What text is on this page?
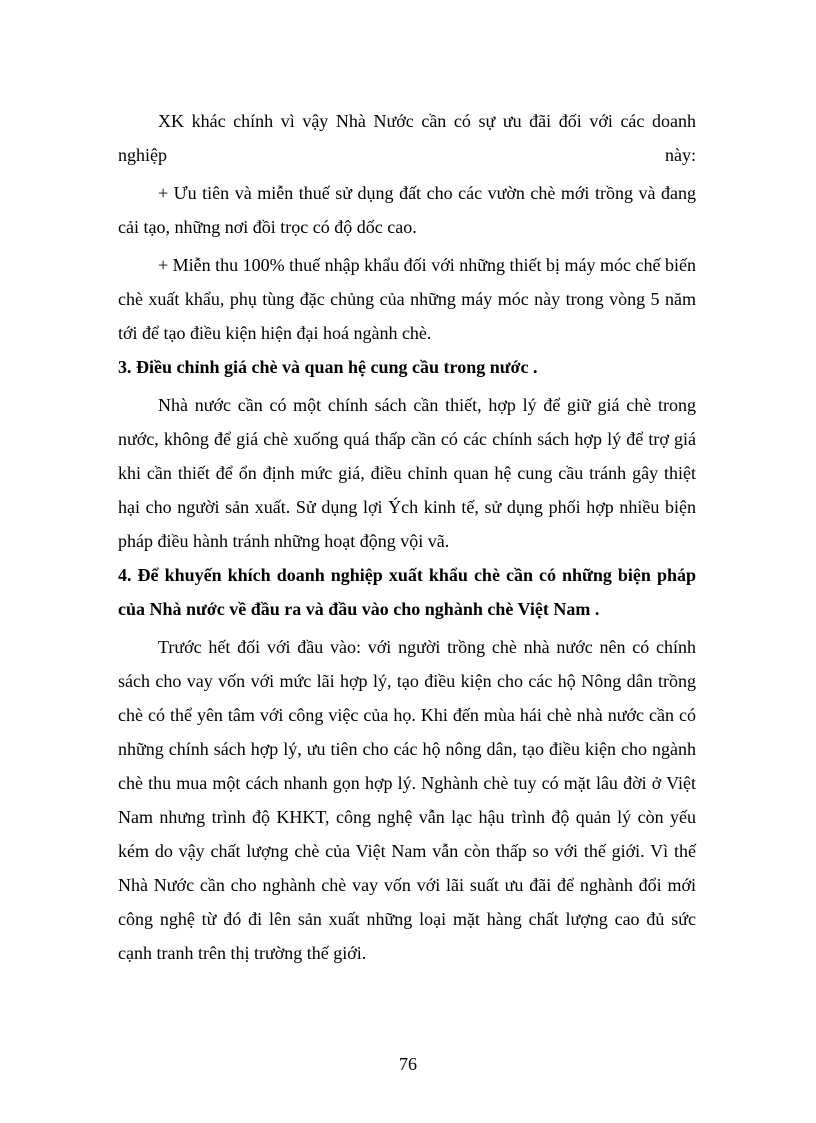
XK khác chính vì vậy Nhà Nước cần có sự ưu đãi đối với các doanh nghiệp này:

+ Ưu tiên và miễn thuế sử dụng đất cho các vườn chè mới trồng và đang cải tạo, những nơi đồi trọc có độ dốc cao.

+ Miễn thu 100% thuế nhập khẩu đối với những thiết bị máy móc chế biến chè xuất khẩu, phụ tùng đặc chủng của những máy móc này trong vòng 5 năm tới để tạo điều kiện hiện đại hoá ngành chè.

3. Điều chỉnh giá chè và quan hệ cung cầu trong nước .

Nhà nước cần có một chính sách cần thiết, hợp lý để giữ giá chè trong nước, không để giá chè xuống quá thấp cần có các chính sách hợp lý để trợ giá khi cần thiết để ổn định mức giá, điều chỉnh quan hệ cung cầu tránh gây thiệt hại cho người sản xuất. Sử dụng lợi Ých kinh tế, sử dụng phối hợp nhiều biện pháp điều hành tránh những hoạt động vội vã.

4. Để khuyến khích doanh nghiệp xuất khẩu chè cần có những biện pháp của Nhà nước về đầu ra và đầu vào cho nghành chè Việt Nam .

Trước hết đối với đầu vào: với người trồng chè nhà nước nên có chính sách cho vay vốn với mức lãi hợp lý, tạo điều kiện cho các hộ Nông dân trồng chè có thể yên tâm với công việc của họ. Khi đến mùa hái chè nhà nước cần có những chính sách hợp lý, ưu tiên cho các hộ nông dân, tạo điều kiện cho ngành chè thu mua một cách nhanh gọn hợp lý. Nghành chè tuy có mặt lâu đời ở Việt Nam nhưng trình độ KHKT, công nghệ vẫn lạc hậu trình độ quản lý còn yếu kém do vậy chất lượng chè của Việt Nam vẫn còn thấp so với thế giới. Vì thế Nhà Nước cần cho nghành chè vay vốn với lãi suất ưu đãi để nghành đổi mới công nghệ từ đó đi lên sản xuất những loại mặt hàng chất lượng cao đủ sức cạnh tranh trên thị trường thế giới.

76
